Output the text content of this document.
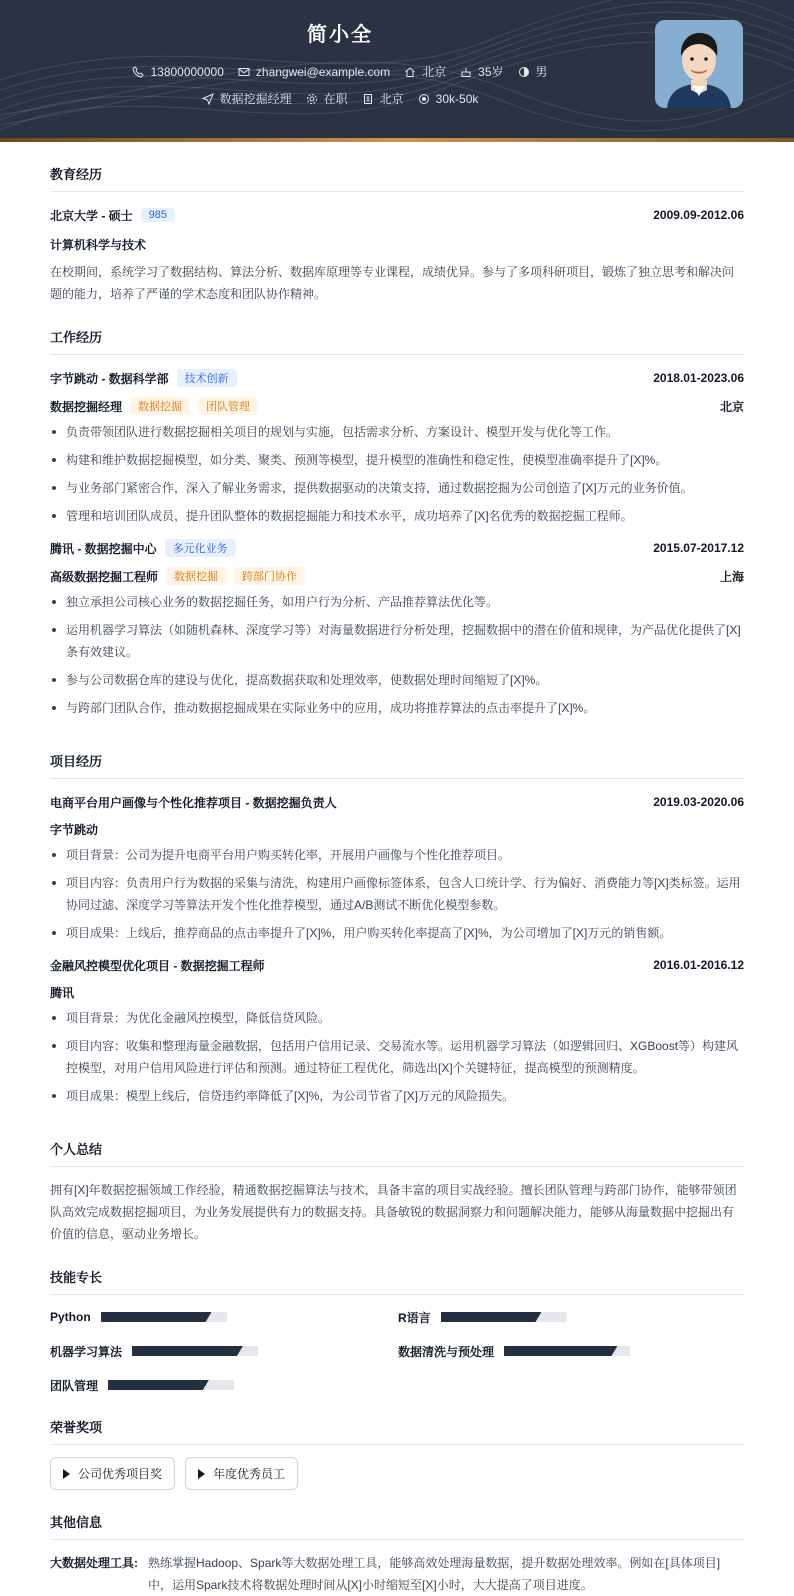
简小全
13800000000	zhangwei@example.com	北京	35岁	男
数据挖掘经理	在职	北京	30k-50k
教育经历
北京大学 - 硕士	985	2009.09-2012.06
计算机科学与技术

在校期间，系统学习了数据结构、算法分析、数据库原理等专业课程，成绩优异。参与了多项科研项目，锻炼了独立思考和解决问题的能力，培养了严谨的学术态度和团队协作精神。

工作经历
字节跳动 - 数据科学部	技术创新	2018.01-2023.06
数据挖掘经理	数据挖掘	团队管理	北京
负责带领团队进行数据挖掘相关项目的规划与实施，包括需求分析、方案设计、模型开发与优化等工作。
构建和维护数据挖掘模型，如分类、聚类、预测等模型，提升模型的准确性和稳定性，使模型准确率提升了[X]%。
与业务部门紧密合作，深入了解业务需求，提供数据驱动的决策支持，通过数据挖掘为公司创造了[X]万元的业务价值。
管理和培训团队成员，提升团队整体的数据挖掘能力和技术水平，成功培养了[X]名优秀的数据挖掘工程师。
腾讯 - 数据挖掘中心	多元化业务	2015.07-2017.12
高级数据挖掘工程师	数据挖掘	跨部门协作	上海
独立承担公司核心业务的数据挖掘任务，如用户行为分析、产品推荐算法优化等。
运用机器学习算法（如随机森林、深度学习等）对海量数据进行分析处理，挖掘数据中的潜在价值和规律，为产品优化提供了[X]条有效建议。
参与公司数据仓库的建设与优化，提高数据获取和处理效率，使数据处理时间缩短了[X]%。
与跨部门团队合作，推动数据挖掘成果在实际业务中的应用，成功将推荐算法的点击率提升了[X]%。
项目经历
电商平台用户画像与个性化推荐项目 - 数据挖掘负责人	2019.03-2020.06
字节跳动
项目背景：公司为提升电商平台用户购买转化率，开展用户画像与个性化推荐项目。
项目内容：负责用户行为数据的采集与清洗，构建用户画像标签体系，包含人口统计学、行为偏好、消费能力等[X]类标签。运用协同过滤、深度学习等算法开发个性化推荐模型，通过A/B测试不断优化模型参数。
项目成果：上线后，推荐商品的点击率提升了[X]%，用户购买转化率提高了[X]%，为公司增加了[X]万元的销售额。
金融风控模型优化项目 - 数据挖掘工程师	2016.01-2016.12
腾讯
项目背景：为优化金融风控模型，降低信贷风险。
项目内容：收集和整理海量金融数据，包括用户信用记录、交易流水等。运用机器学习算法（如逻辑回归、XGBoost等）构建风控模型，对用户信用风险进行评估和预测。通过特征工程优化，筛选出[X]个关键特征，提高模型的预测精度。
项目成果：模型上线后，信贷违约率降低了[X]%，为公司节省了[X]万元的风险损失。
个人总结

拥有[X]年数据挖掘领域工作经验，精通数据挖掘算法与技术，具备丰富的项目实战经验。擅长团队管理与跨部门协作，能够带领团队高效完成数据挖掘项目，为业务发展提供有力的数据支持。具备敏锐的数据洞察力和问题解决能力，能够从海量数据中挖掘出有价值的信息，驱动业务增长。

技能专长
Python	R语言
机器学习算法	数据清洗与预处理
团队管理
荣誉奖项
公司优秀项目奖	年度优秀员工
其他信息
大数据处理工具: 熟练掌握Hadoop、Spark等大数据处理工具，能够高效处理海量数据，提升数据处理效率。例如在[具体项目]中，运用Spark技术将数据处理时间从[X]小时缩短至[X]小时，大大提高了项目进度。
